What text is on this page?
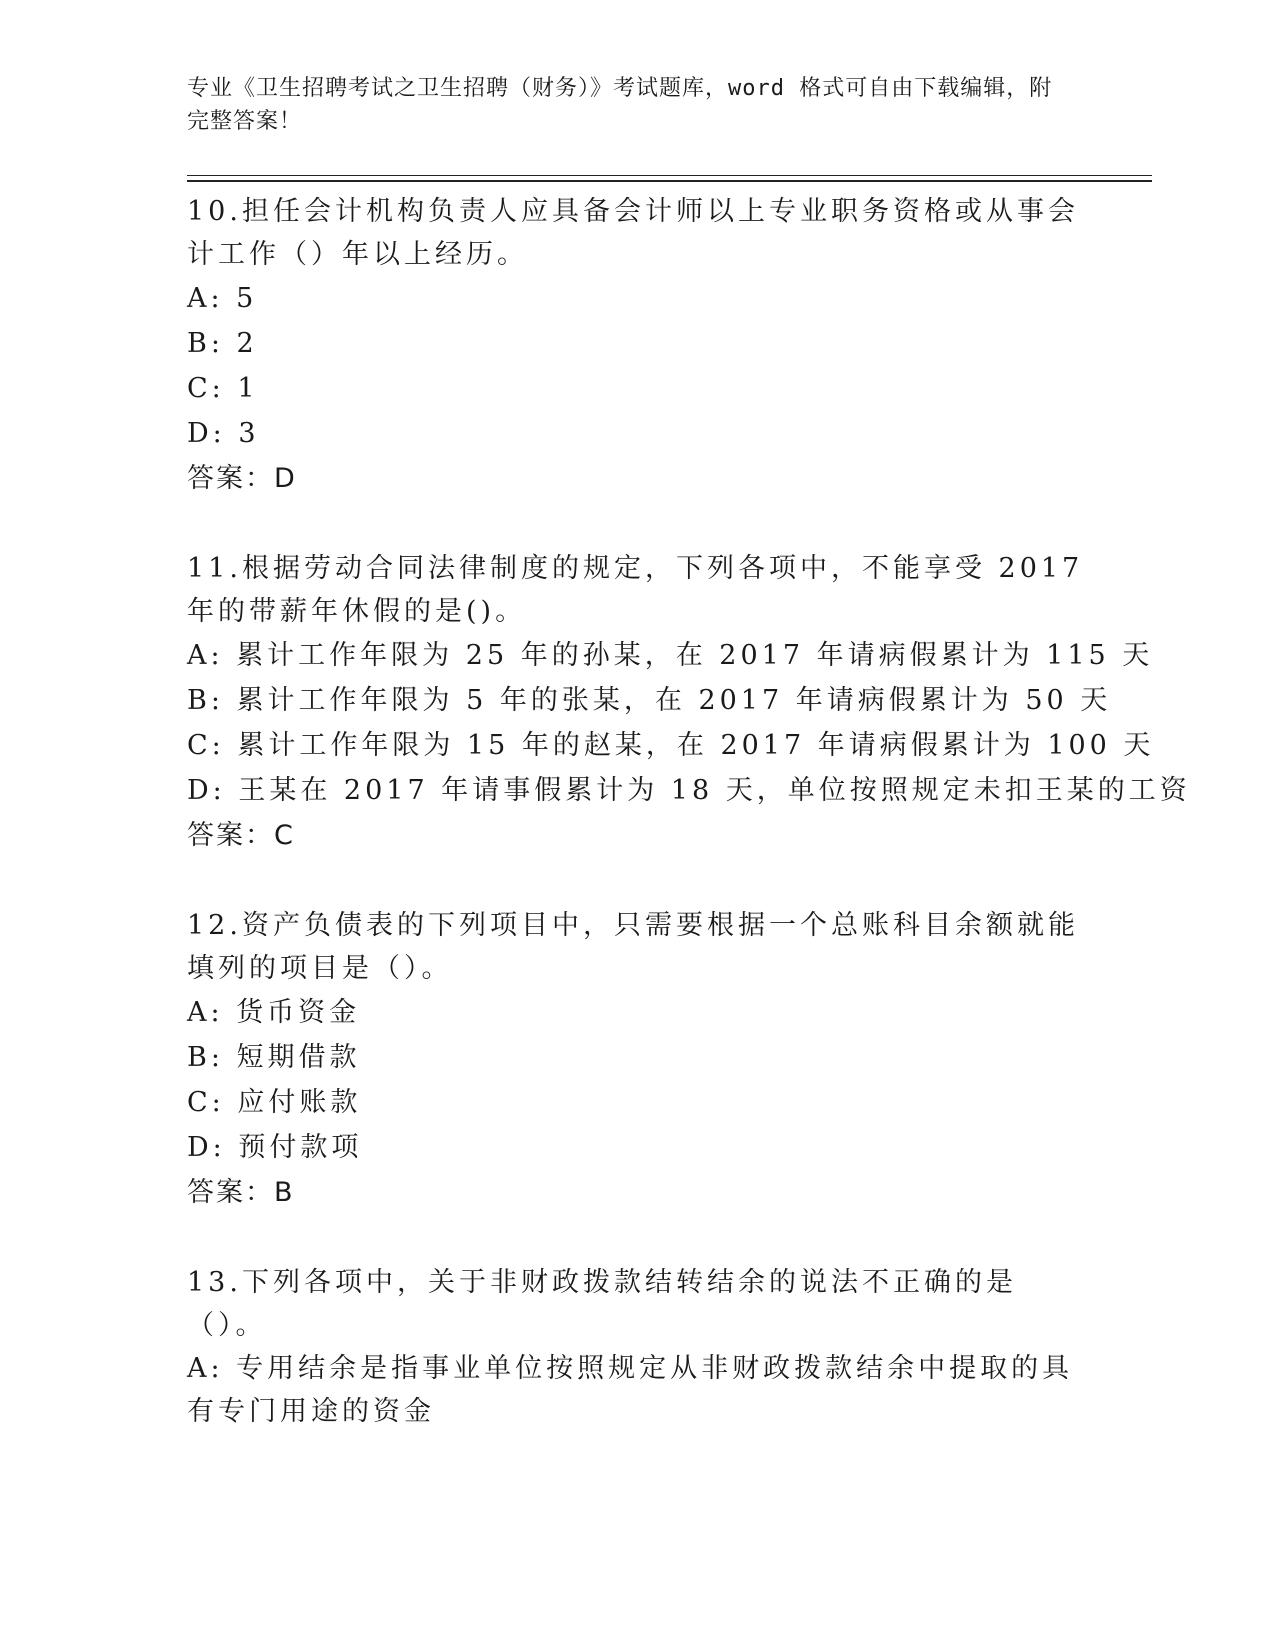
专业《卫生招聘考试之卫生招聘（财务）》考试题库，word 格式可自由下载编辑，附完整答案！

10.担任会计机构负责人应具备会计师以上专业职务资格或从事会计工作（）年以上经历。

A: 5

B: 2

C: 1

D: 3

答案：D

11.根据劳动合同法律制度的规定，下列各项中，不能享受 2017 年的带薪年休假的是()。

A: 累计工作年限为 25 年的孙某，在 2017 年请病假累计为 115 天

B: 累计工作年限为 5 年的张某，在 2017 年请病假累计为 50 天

C: 累计工作年限为 15 年的赵某，在 2017 年请病假累计为 100 天

D: 王某在 2017 年请事假累计为 18 天，单位按照规定未扣王某的工资

答案：C

12.资产负债表的下列项目中，只需要根据一个总账科目余额就能填列的项目是（）。

A: 货币资金

B: 短期借款

C: 应付账款

D: 预付款项

答案：B

13.下列各项中，关于非财政拨款结转结余的说法不正确的是（）。

A: 专用结余是指事业单位按照规定从非财政拨款结余中提取的具有专门用途的资金
